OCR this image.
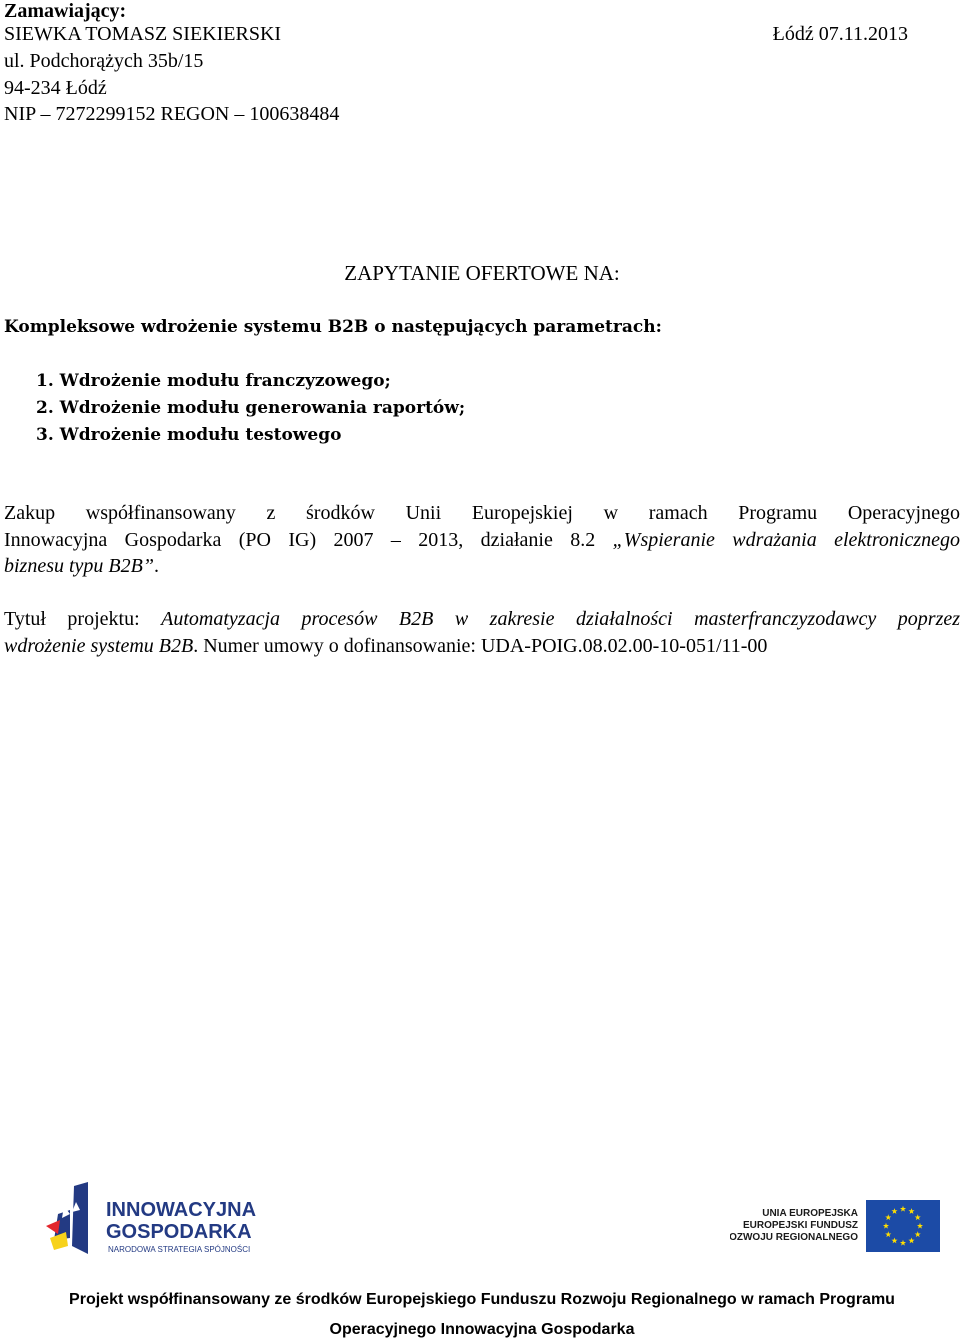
Zamawiający:
SIEWKA TOMASZ SIEKIERSKI
ul. Podchorążych 35b/15
94-234 Łódź
NIP – 7272299152 REGON – 100638484
Łódź 07.11.2013
ZAPYTANIE OFERTOWE NA:
Kompleksowe wdrożenie systemu B2B o następujących parametrach:
1. Wdrożenie modułu franczyzowego;
2. Wdrożenie modułu generowania raportów;
3. Wdrożenie modułu testowego
Zakup współfinansowany z środków Unii Europejskiej w ramach Programu Operacyjnego
Innowacyjna Gospodarka (PO IG) 2007 – 2013, działanie 8.2 „Wspieranie wdrażania elektronicznego
biznesu typu B2B”.
Tytuł projektu: Automatyzacja procesów B2B w zakresie działalności masterfranczyzodawcy poprzez
wdrożenie systemu B2B. Numer umowy o dofinansowanie: UDA-POIG.08.02.00-10-051/11-00
INNOWACYJNA
GOSPODARKA
NARODOWA STRATEGIA SPÓJNOŚCI
UNIA EUROPEJSKA
EUROPEJSKI FUNDUSZ
ROZWOJU REGIONALNEGO
Projekt współfinansowany ze środków Europejskiego Funduszu Rozwoju Regionalnego w ramach Programu
Operacyjnego Innowacyjna Gospodarka
